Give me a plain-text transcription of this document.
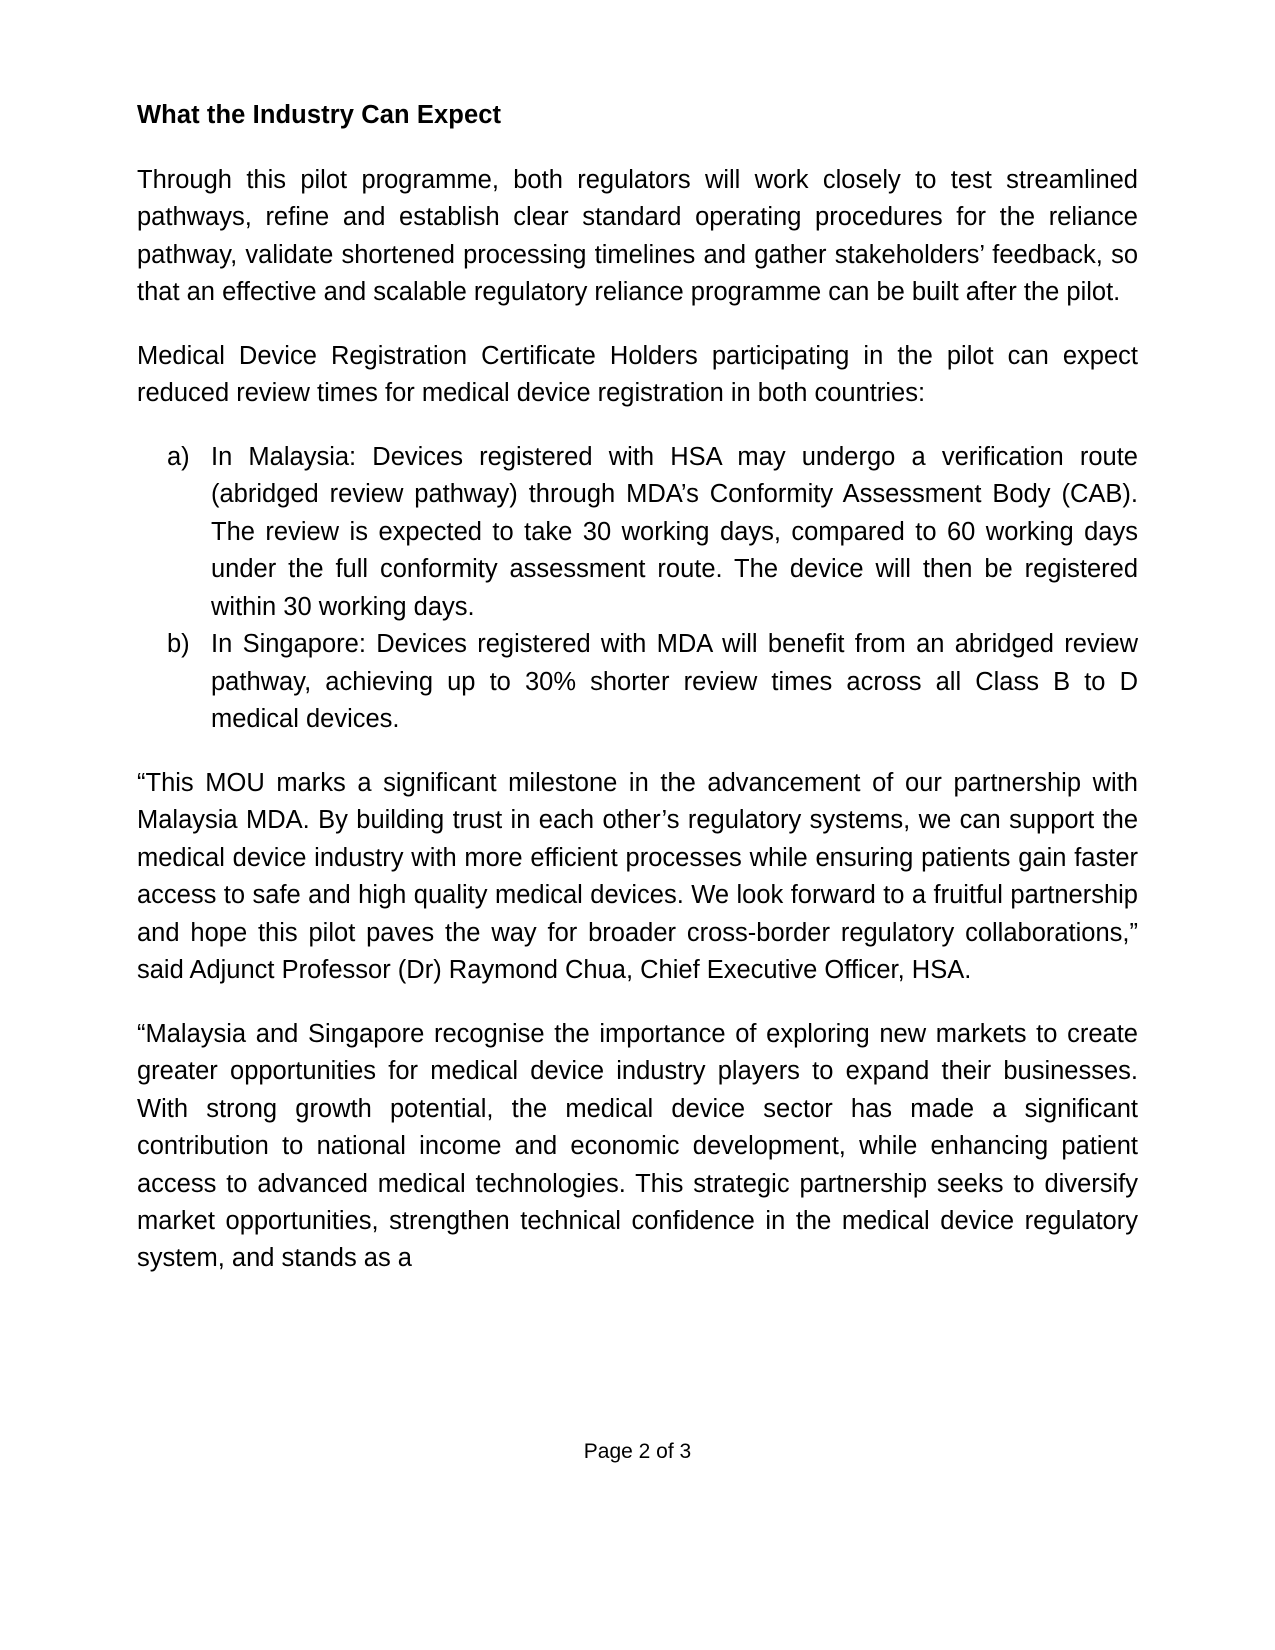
What the Industry Can Expect

Through this pilot programme, both regulators will work closely to test streamlined pathways, refine and establish clear standard operating procedures for the reliance pathway, validate shortened processing timelines and gather stakeholders’ feedback, so that an effective and scalable regulatory reliance programme can be built after the pilot.

Medical Device Registration Certificate Holders participating in the pilot can expect reduced review times for medical device registration in both countries:

a) In Malaysia: Devices registered with HSA may undergo a verification route (abridged review pathway) through MDA’s Conformity Assessment Body (CAB). The review is expected to take 30 working days, compared to 60 working days under the full conformity assessment route. The device will then be registered within 30 working days.
b) In Singapore: Devices registered with MDA will benefit from an abridged review pathway, achieving up to 30% shorter review times across all Class B to D medical devices.

“This MOU marks a significant milestone in the advancement of our partnership with Malaysia MDA. By building trust in each other’s regulatory systems, we can support the medical device industry with more efficient processes while ensuring patients gain faster access to safe and high quality medical devices. We look forward to a fruitful partnership and hope this pilot paves the way for broader cross-border regulatory collaborations,” said Adjunct Professor (Dr) Raymond Chua, Chief Executive Officer, HSA.

“Malaysia and Singapore recognise the importance of exploring new markets to create greater opportunities for medical device industry players to expand their businesses. With strong growth potential, the medical device sector has made a significant contribution to national income and economic development, while enhancing patient access to advanced medical technologies. This strategic partnership seeks to diversify market opportunities, strengthen technical confidence in the medical device regulatory system, and stands as a

Page 2 of 3
